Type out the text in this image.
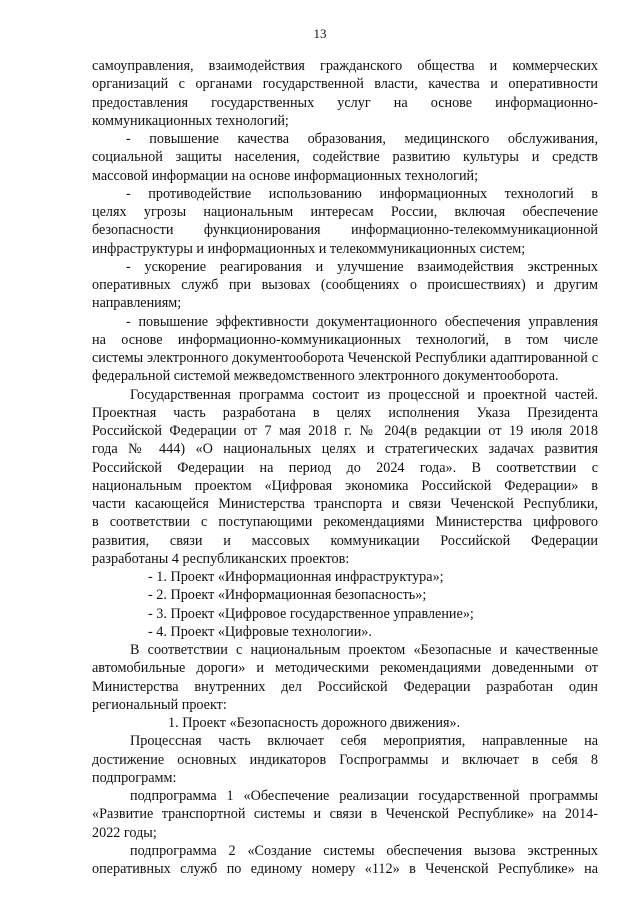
13
самоуправления, взаимодействия гражданского общества и коммерческих
организаций с органами государственной власти, качества и оперативности
предоставления государственных услуг на основе информационно-
коммуникационных технологий;
- повышение качества образования, медицинского обслуживания,
социальной защиты населения, содействие развитию культуры и средств
массовой информации на основе информационных технологий;
- противодействие использованию информационных технологий в
целях угрозы национальным интересам России, включая обеспечение
безопасности функционирования информационно-телекоммуникационной
инфраструктуры и информационных и телекоммуникационных систем;
- ускорение реагирования и улучшение взаимодействия экстренных
оперативных служб при вызовах (сообщениях о происшествиях) и другим
направлениям;
- повышение эффективности документационного обеспечения управления
на основе информационно-коммуникационных технологий, в том числе
системы электронного документооборота Чеченской Республики адаптированной с
федеральной системой межведомственного электронного документооборота.
Государственная программа состоит из процессной и проектной частей.
Проектная часть разработана в целях исполнения Указа Президента
Российской Федерации от 7 мая 2018 г. № 204(в редакции от 19 июля 2018
года № 444) «О национальных целях и стратегических задачах развития
Российской Федерации на период до 2024 года». В соответствии с
национальным проектом «Цифровая экономика Российской Федерации» в
части касающейся Министерства транспорта и связи Чеченской Республики,
в соответствии с поступающими рекомендациями Министерства цифрового
развития, связи и массовых коммуникации Российской Федерации
разработаны 4 республиканских проектов:
- 1. Проект «Информационная инфраструктура»;
- 2. Проект «Информационная безопасность»;
- 3. Проект «Цифровое государственное управление»;
- 4. Проект «Цифровые технологии».
В соответствии с национальным проектом «Безопасные и качественные
автомобильные дороги» и методическими рекомендациями доведенными от
Министерства внутренних дел Российской Федерации разработан один
региональный проект:
1. Проект «Безопасность дорожного движения».
Процессная часть включает себя мероприятия, направленные на
достижение основных индикаторов Госпрограммы и включает в себя 8
подпрограмм:
подпрограмма 1 «Обеспечение реализации государственной программы
«Развитие транспортной системы и связи в Чеченской Республике» на 2014-
2022 годы;
подпрограмма 2 «Создание системы обеспечения вызова экстренных
оперативных служб по единому номеру «112» в Чеченской Республике» на
